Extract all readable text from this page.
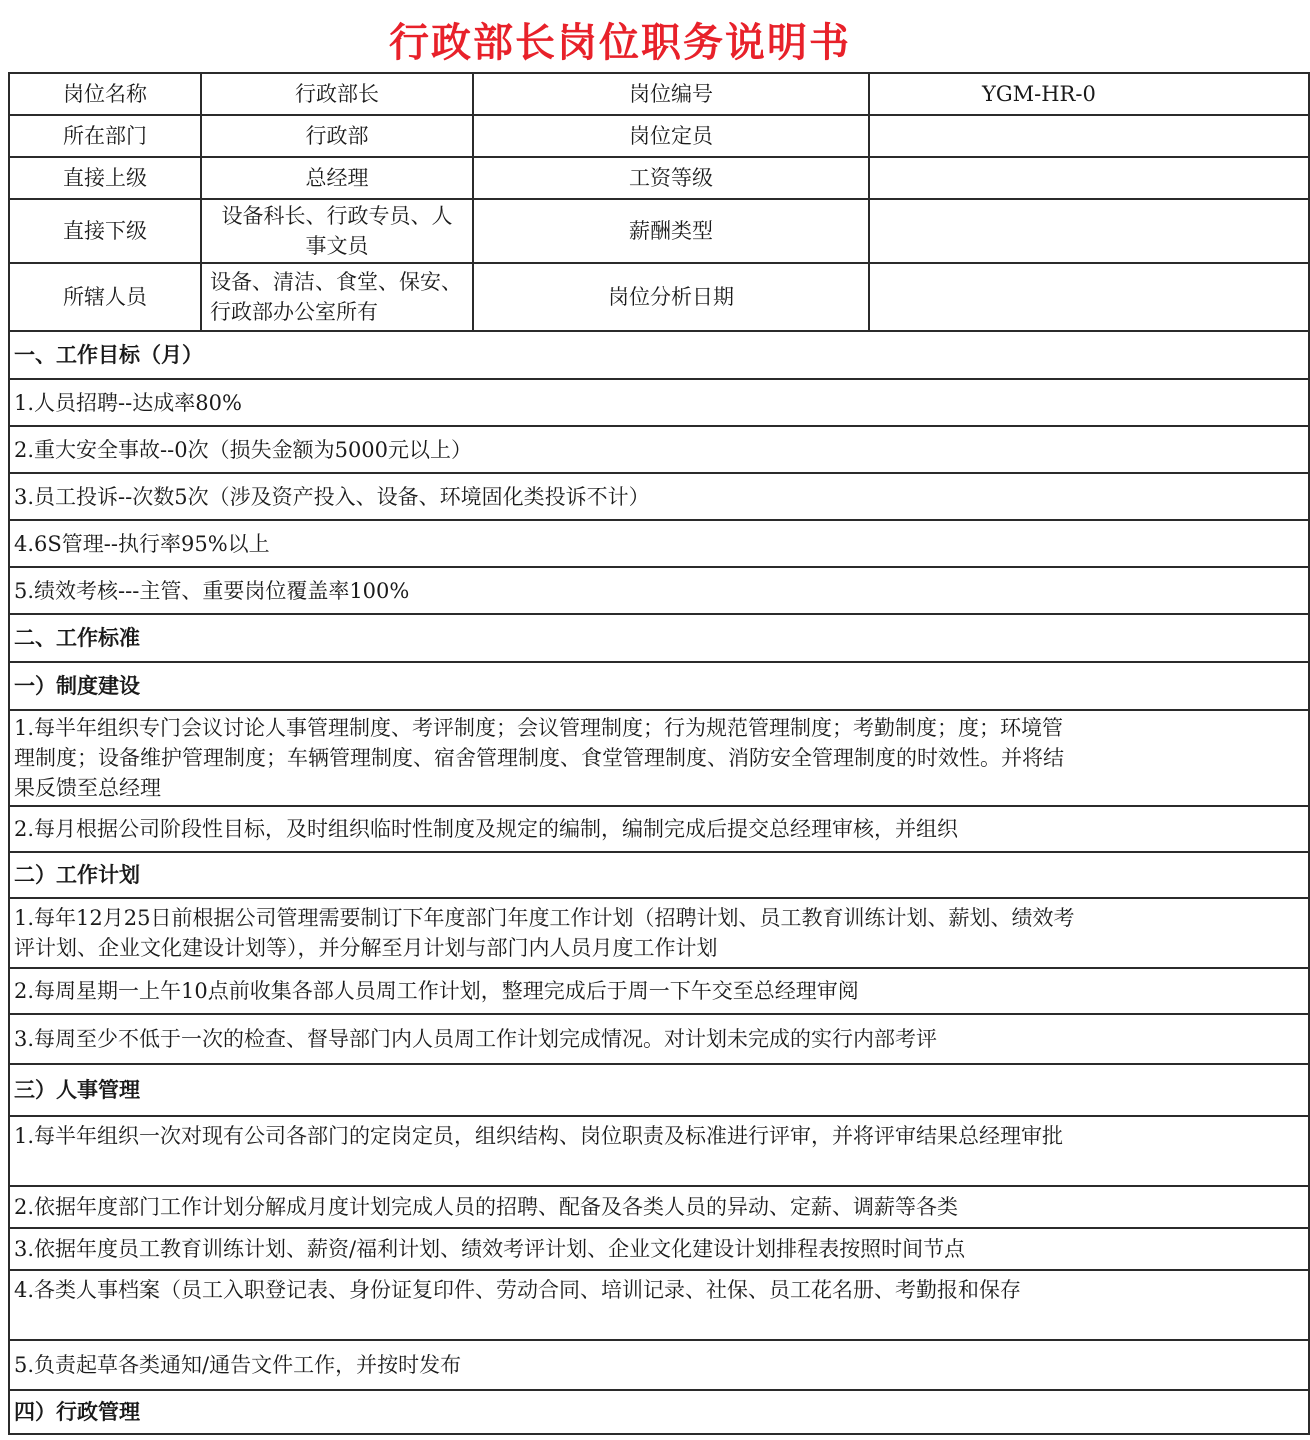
行政部长岗位职务说明书
岗位名称	行政部长	岗位编号	YGM-HR-0
所在部门	行政部	岗位定员	
直接上级	总经理	工资等级	
直接下级	设备科长、行政专员、人事文员	薪酬类型	
所辖人员	设备、清洁、食堂、保安、行政部办公室所有	岗位分析日期	
一、工作目标（月）			
1.人员招聘--达成率80%			
2.重大安全事故--0次（损失金额为5000元以上）			
3.员工投诉--次数5次（涉及资产投入、设备、环境固化类投诉不计）			
4.6S管理--执行率95%以上			
5.绩效考核---主管、重要岗位覆盖率100%			
二、工作标准			
一）制度建设			

1.每半年组织专门会议讨论人事管理制度、考评制度；会议管理制度；行为规范管理制度；考勤制度；度；环境管理制度；设备维护管理制度；车辆管理制度、宿舍管理制度、食堂管理制度、消防安全管理制度的时效性。并将结果反馈至总经理			

2.每月根据公司阶段性目标，及时组织临时性制度及规定的编制，编制完成后提交总经理审核，并组织			
二）工作计划			

1.每年12月25日前根据公司管理需要制订下年度部门年度工作计划（招聘计划、员工教育训练计划、薪划、绩效考评计划、企业文化建设计划等），并分解至月计划与部门内人员月度工作计划			

2.每周星期一上午10点前收集各部人员周工作计划，整理完成后于周一下午交至总经理审阅			
3.每周至少不低于一次的检查、督导部门内人员周工作计划完成情况。对计划未完成的实行内部考评			
三）人事管理			

1.每半年组织一次对现有公司各部门的定岗定员，组织结构、岗位职责及标准进行评审，并将评审结果总经理审批			

2.依据年度部门工作计划分解成月度计划完成人员的招聘、配备及各类人员的异动、定薪、调薪等各类			
3.依据年度员工教育训练计划、薪资/福利计划、绩效考评计划、企业文化建设计划排程表按照时间节点			

4.各类人事档案（员工入职登记表、身份证复印件、劳动合同、培训记录、社保、员工花名册、考勤报和保存			

5.负责起草各类通知/通告文件工作，并按时发布			
四）行政管理			
